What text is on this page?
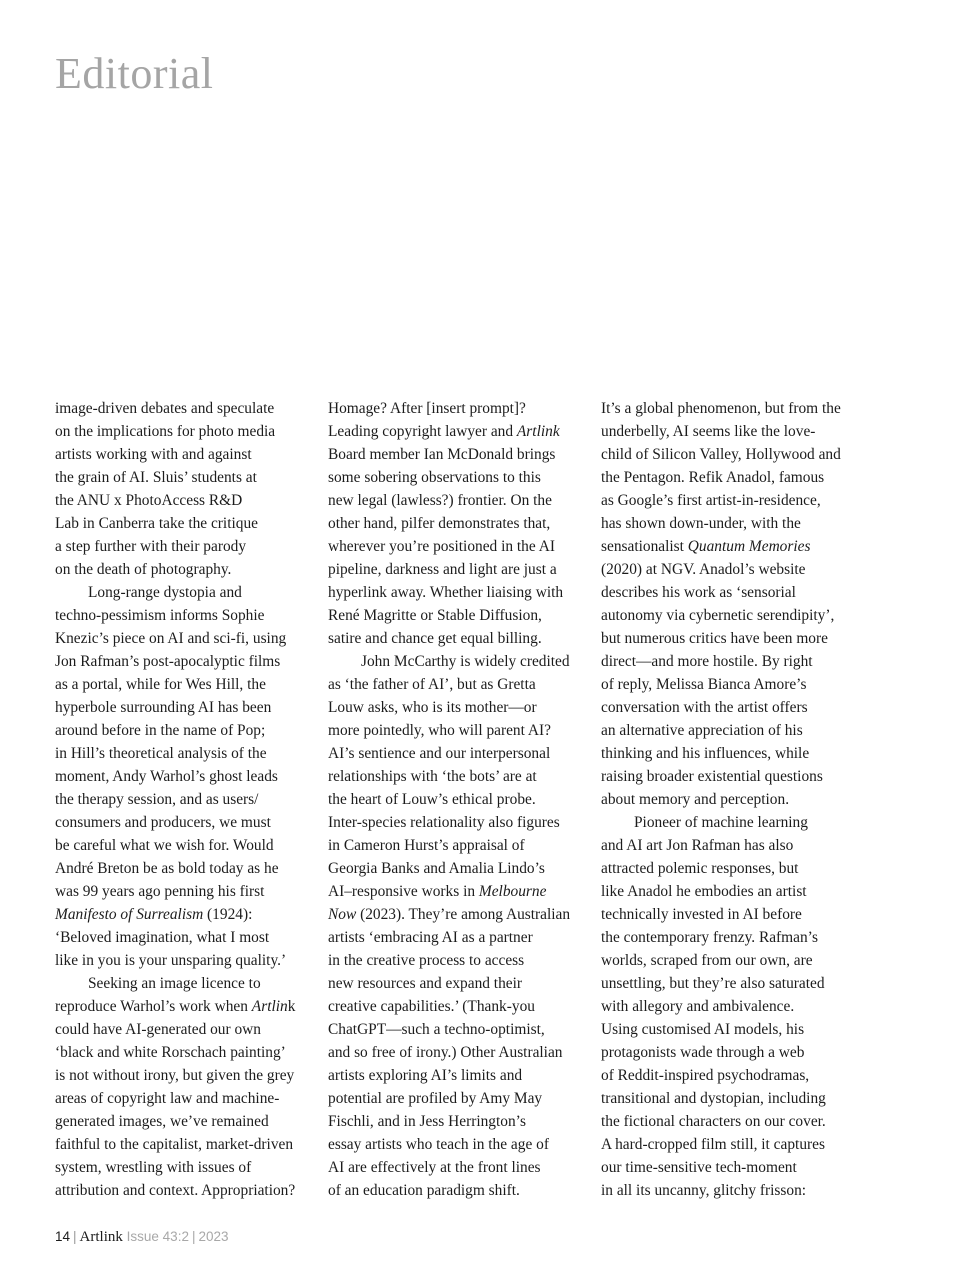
Editorial
image-driven debates and speculate
on the implications for photo media
artists working with and against
the grain of AI. Sluis’ students at
the ANU x PhotoAccess R&D
Lab in Canberra take the critique
a step further with their parody
on the death of photography.
Long-range dystopia and
techno-pessimism informs Sophie
Knezic’s piece on AI and sci-fi, using
Jon Rafman’s post-apocalyptic films
as a portal, while for Wes Hill, the
hyperbole surrounding AI has been
around before in the name of Pop;
in Hill’s theoretical analysis of the
moment, Andy Warhol’s ghost leads
the therapy session, and as users/
consumers and producers, we must
be careful what we wish for. Would
André Breton be as bold today as he
was 99 years ago penning his first
Manifesto of Surrealism (1924):
‘Beloved imagination, what I most
like in you is your unsparing quality.’
Seeking an image licence to
reproduce Warhol’s work when Artlink
could have AI-generated our own
‘black and white Rorschach painting’
is not without irony, but given the grey
areas of copyright law and machine-
generated images, we’ve remained
faithful to the capitalist, market-driven
system, wrestling with issues of
attribution and context. Appropriation?
Homage? After [insert prompt]?
Leading copyright lawyer and Artlink
Board member Ian McDonald brings
some sobering observations to this
new legal (lawless?) frontier. On the
other hand, pilfer demonstrates that,
wherever you’re positioned in the AI
pipeline, darkness and light are just a
hyperlink away. Whether liaising with
René Magritte or Stable Diffusion,
satire and chance get equal billing.
John McCarthy is widely credited
as ‘the father of AI’, but as Gretta
Louw asks, who is its mother—or
more pointedly, who will parent AI?
AI’s sentience and our interpersonal
relationships with ‘the bots’ are at
the heart of Louw’s ethical probe.
Inter-species relationality also figures
in Cameron Hurst’s appraisal of
Georgia Banks and Amalia Lindo’s
AI–responsive works in Melbourne
Now (2023). They’re among Australian
artists ‘embracing AI as a partner
in the creative process to access
new resources and expand their
creative capabilities.’ (Thank-you
ChatGPT—such a techno-optimist,
and so free of irony.) Other Australian
artists exploring AI’s limits and
potential are profiled by Amy May
Fischli, and in Jess Herrington’s
essay artists who teach in the age of
AI are effectively at the front lines
of an education paradigm shift.
It’s a global phenomenon, but from the
underbelly, AI seems like the love-
child of Silicon Valley, Hollywood and
the Pentagon. Refik Anadol, famous
as Google’s first artist-in-residence,
has shown down-under, with the
sensationalist Quantum Memories
(2020) at NGV. Anadol’s website
describes his work as ‘sensorial
autonomy via cybernetic serendipity’,
but numerous critics have been more
direct—and more hostile. By right
of reply, Melissa Bianca Amore’s
conversation with the artist offers
an alternative appreciation of his
thinking and his influences, while
raising broader existential questions
about memory and perception.
Pioneer of machine learning
and AI art Jon Rafman has also
attracted polemic responses, but
like Anadol he embodies an artist
technically invested in AI before
the contemporary frenzy. Rafman’s
worlds, scraped from our own, are
unsettling, but they’re also saturated
with allegory and ambivalence.
Using customised AI models, his
protagonists wade through a web
of Reddit-inspired psychodramas,
transitional and dystopian, including
the fictional characters on our cover.
A hard-cropped film still, it captures
our time-sensitive tech-moment
in all its uncanny, glitchy frisson:
14 | Artlink Issue 43:2 | 2023
